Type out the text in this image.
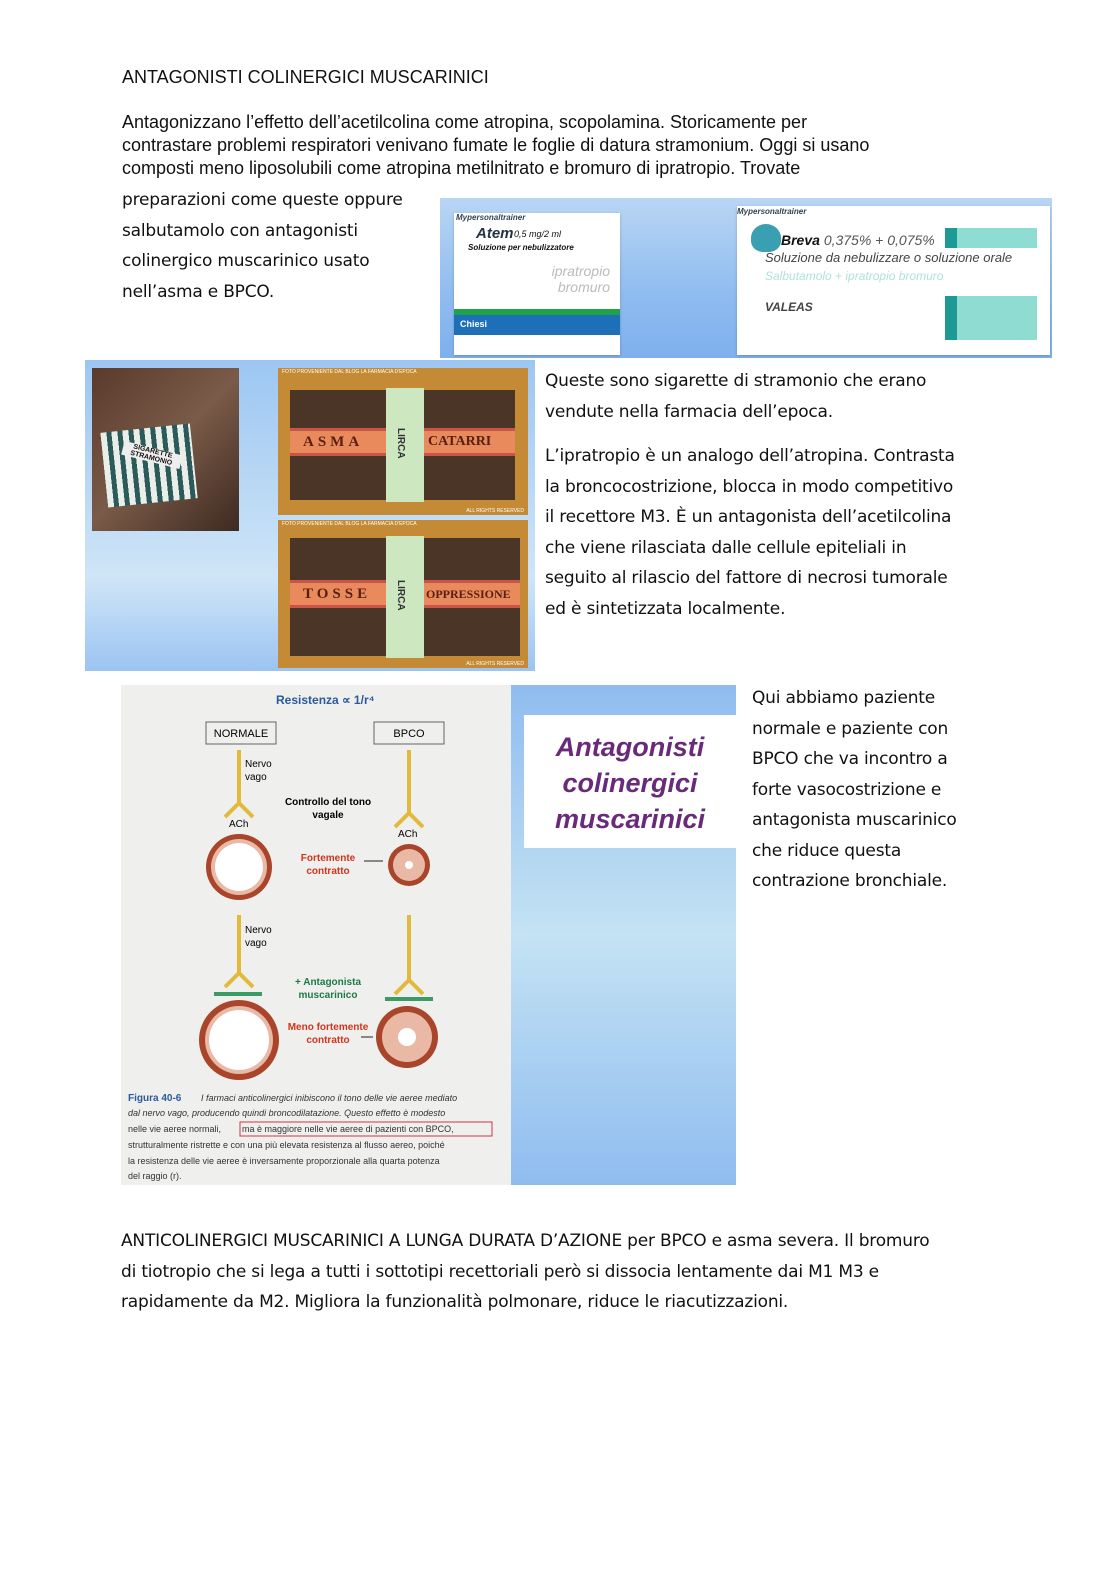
ANTAGONISTI COLINERGICI MUSCARINICI
Antagonizzano l’effetto dell’acetilcolina come atropina, scopolamina. Storicamente per
contrastare problemi respiratori venivano fumate le foglie di datura stramonium. Oggi si usano
composti meno liposolubili come atropina metilnitrato e bromuro di ipratropio. Trovate
preparazioni come queste oppure
salbutamolo con antagonisti
colinergico muscarinico usato
nell’asma e BPCO.
Mypersonaltrainer
Atem 0,5 mg/2 ml
Soluzione per nebulizzatore
ipratropio
bromuro
Chiesi
Mypersonaltrainer
Breva 0,375% + 0,075%
Soluzione da nebulizzare o soluzione orale
Salbutamolo + ipratropio bromuro
VALEAS
SIGARETTE STRAMONIO
FOTO PROVENIENTE DAL BLOG LA FARMACIA D'EPOCA
ASMA	CATARRI
LIRCA
ALL RIGHTS RESERVED
FOTO PROVENIENTE DAL BLOG LA FARMACIA D'EPOCA
TOSSE	OPPRESSIONE
LIRCA
ALL RIGHTS RESERVED
Queste sono sigarette di stramonio che erano
vendute nella farmacia dell’epoca.
L’ipratropio è un analogo dell’atropina. Contrasta
la broncocostrizione, blocca in modo competitivo
il recettore M3. È un antagonista dell’acetilcolina
che viene rilasciata dalle cellule epiteliali in
seguito al rilascio del fattore di necrosi tumorale
ed è sintetizzata localmente.
Resistenza ∝ 1/r⁴
NORMALE	BPCO
Nervo
vago
Nervo
vago
ACh
ACh
Controllo del tono
vagale
Fortemente
contratto
+ Antagonista
muscarinico
Meno fortemente
contratto
Figura 40-6 I farmaci anticolinergici inibiscono il tono delle vie aeree mediato
dal nervo vago, producendo quindi broncodilatazione. Questo effetto è modesto
nelle vie aeree normali, ma è maggiore nelle vie aeree di pazienti con BPCO,
strutturalmente ristrette e con una più elevata resistenza al flusso aereo, poiché
la resistenza delle vie aeree è inversamente proporzionale alla quarta potenza
del raggio (r).
Antagonisti
colinergici
muscarinici
Qui abbiamo paziente
normale e paziente con
BPCO che va incontro a
forte vasocostrizione e
antagonista muscarinico
che riduce questa
contrazione bronchiale.
ANTICOLINERGICI MUSCARINICI A LUNGA DURATA D’AZIONE per BPCO e asma severa. Il bromuro
di tiotropio che si lega a tutti i sottotipi recettoriali però si dissocia lentamente dai M1 M3 e
rapidamente da M2. Migliora la funzionalità polmonare, riduce le riacutizzazioni.
